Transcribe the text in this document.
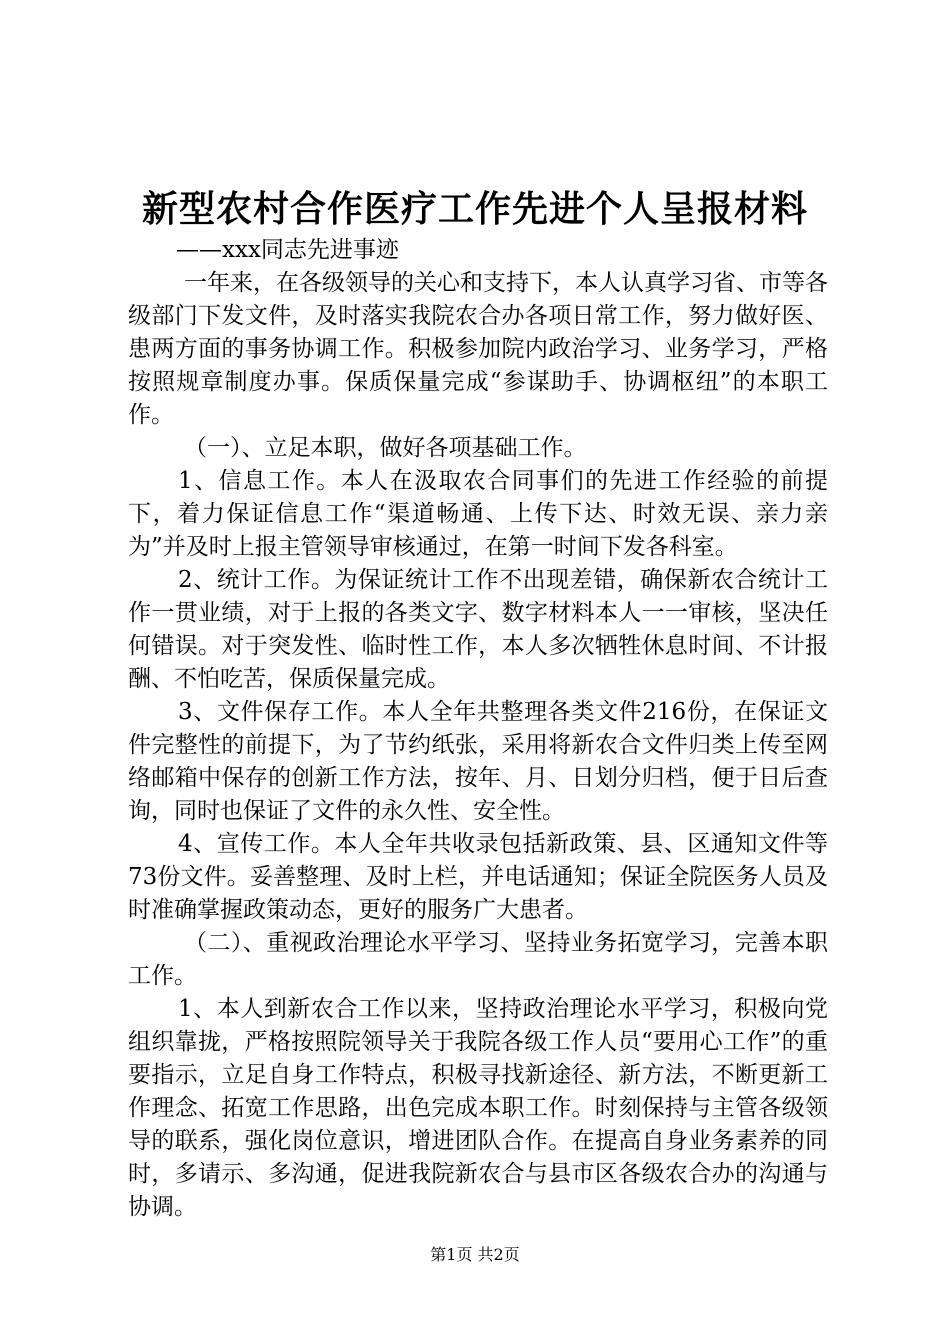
新型农村合作医疗工作先进个人呈报材料

——xxx同志先进事迹

一年来，在各级领导的关心和支持下，本人认真学习省、市等各级部门下发文件，及时落实我院农合办各项日常工作，努力做好医、患两方面的事务协调工作。积极参加院内政治学习、业务学习，严格按照规章制度办事。保质保量完成“参谋助手、协调枢纽”的本职工作。

（一）、立足本职，做好各项基础工作。

1、信息工作。本人在汲取农合同事们的先进工作经验的前提下，着力保证信息工作“渠道畅通、上传下达、时效无误、亲力亲为”并及时上报主管领导审核通过，在第一时间下发各科室。

2、统计工作。为保证统计工作不出现差错，确保新农合统计工作一贯业绩，对于上报的各类文字、数字材料本人一一审核，坚决任何错误。对于突发性、临时性工作，本人多次牺牲休息时间、不计报酬、不怕吃苦，保质保量完成。

3、文件保存工作。本人全年共整理各类文件216份，在保证文件完整性的前提下，为了节约纸张，采用将新农合文件归类上传至网络邮箱中保存的创新工作方法，按年、月、日划分归档，便于日后查询，同时也保证了文件的永久性、安全性。

4、宣传工作。本人全年共收录包括新政策、县、区通知文件等73份文件。妥善整理、及时上栏，并电话通知；保证全院医务人员及时准确掌握政策动态，更好的服务广大患者。

（二）、重视政治理论水平学习、坚持业务拓宽学习，完善本职工作。

1、本人到新农合工作以来，坚持政治理论水平学习，积极向党组织靠拢，严格按照院领导关于我院各级工作人员“要用心工作”的重要指示，立足自身工作特点，积极寻找新途径、新方法，不断更新工作理念、拓宽工作思路，出色完成本职工作。时刻保持与主管各级领导的联系，强化岗位意识，增进团队合作。在提高自身业务素养的同时，多请示、多沟通，促进我院新农合与县市区各级农合办的沟通与协调。

第1页 共2页
